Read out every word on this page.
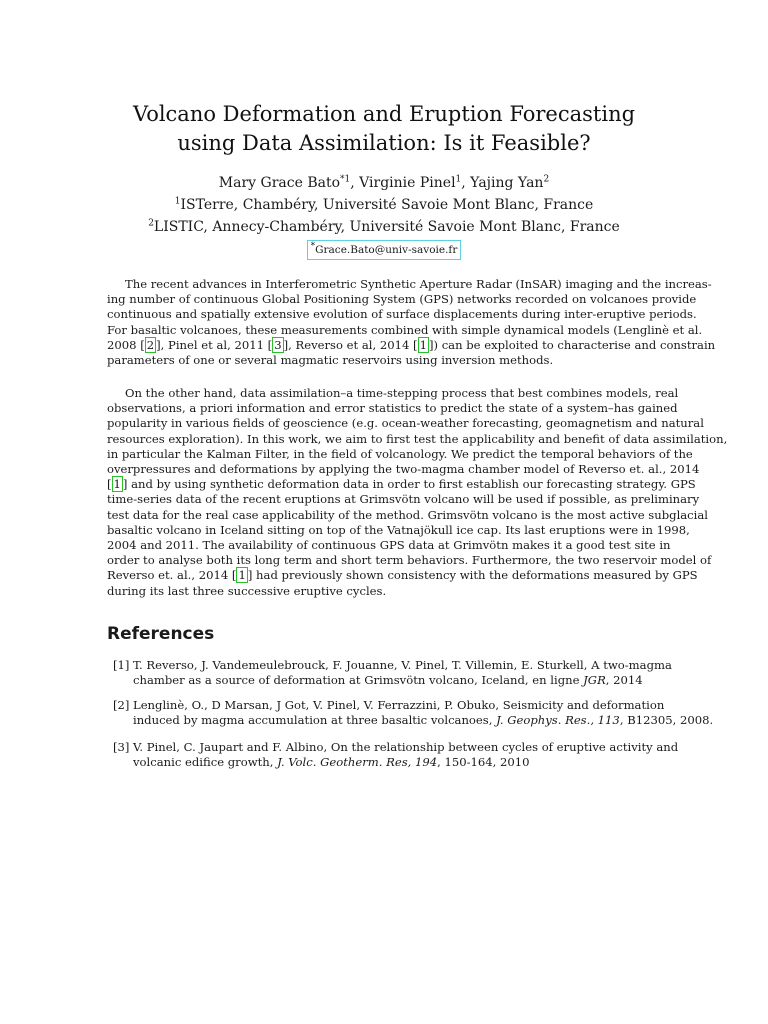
Volcano Deformation and Eruption Forecasting
using Data Assimilation: Is it Feasible?
Mary Grace Bato$^{*1}$, Virginie Pinel$^1$, Yajing Yan$^2$
$^1$ISTerre, Chambéry, Université Savoie Mont Blanc, France
$^2$LISTIC, Annecy-Chambéry, Université Savoie Mont Blanc, France
*Grace.Bato@univ-savoie.fr
The recent advances in Interferometric Synthetic Aperture Radar (InSAR) imaging and the increas-
ing number of continuous Global Positioning System (GPS) networks recorded on volcanoes provide
continuous and spatially extensive evolution of surface displacements during inter-eruptive periods.
For basaltic volcanoes, these measurements combined with simple dynamical models (Lenglinè et al.
2008 [ 2 ], Pinel et al, 2011 [ 3 ], Reverso et al, 2014 [ 1 ]) can be exploited to characterise and constrain
parameters of one or several magmatic reservoirs using inversion methods.
On the other hand, data assimilation–a time-stepping process that best combines models, real
observations, a priori information and error statistics to predict the state of a system–has gained
popularity in various fields of geoscience (e.g. ocean-weather forecasting, geomagnetism and natural
resources exploration). In this work, we aim to first test the applicability and benefit of data assimilation,
in particular the Kalman Filter, in the field of volcanology. We predict the temporal behaviors of the
overpressures and deformations by applying the two-magma chamber model of Reverso et. al., 2014
[ 1 ] and by using synthetic deformation data in order to first establish our forecasting strategy. GPS
time-series data of the recent eruptions at Grimsvötn volcano will be used if possible, as preliminary
test data for the real case applicability of the method. Grimsvötn volcano is the most active subglacial
basaltic volcano in Iceland sitting on top of the Vatnajökull ice cap. Its last eruptions were in 1998,
2004 and 2011. The availability of continuous GPS data at Grimvötn makes it a good test site in
order to analyse both its long term and short term behaviors. Furthermore, the two reservoir model of
Reverso et. al., 2014 [ 1 ] had previously shown consistency with the deformations measured by GPS
during its last three successive eruptive cycles.
References
[1] T. Reverso, J. Vandemeulebrouck, F. Jouanne, V. Pinel, T. Villemin, E. Sturkell, A two-magma
chamber as a source of deformation at Grimsvötn volcano, Iceland, en ligne JGR, 2014
[2] Lenglinè, O., D Marsan, J Got, V. Pinel, V. Ferrazzini, P. Obuko, Seismicity and deformation
induced by magma accumulation at three basaltic volcanoes, J. Geophys. Res., 113, B12305, 2008.
[3] V. Pinel, C. Jaupart and F. Albino, On the relationship between cycles of eruptive activity and
volcanic edifice growth, J. Volc. Geotherm. Res, 194, 150-164, 2010
